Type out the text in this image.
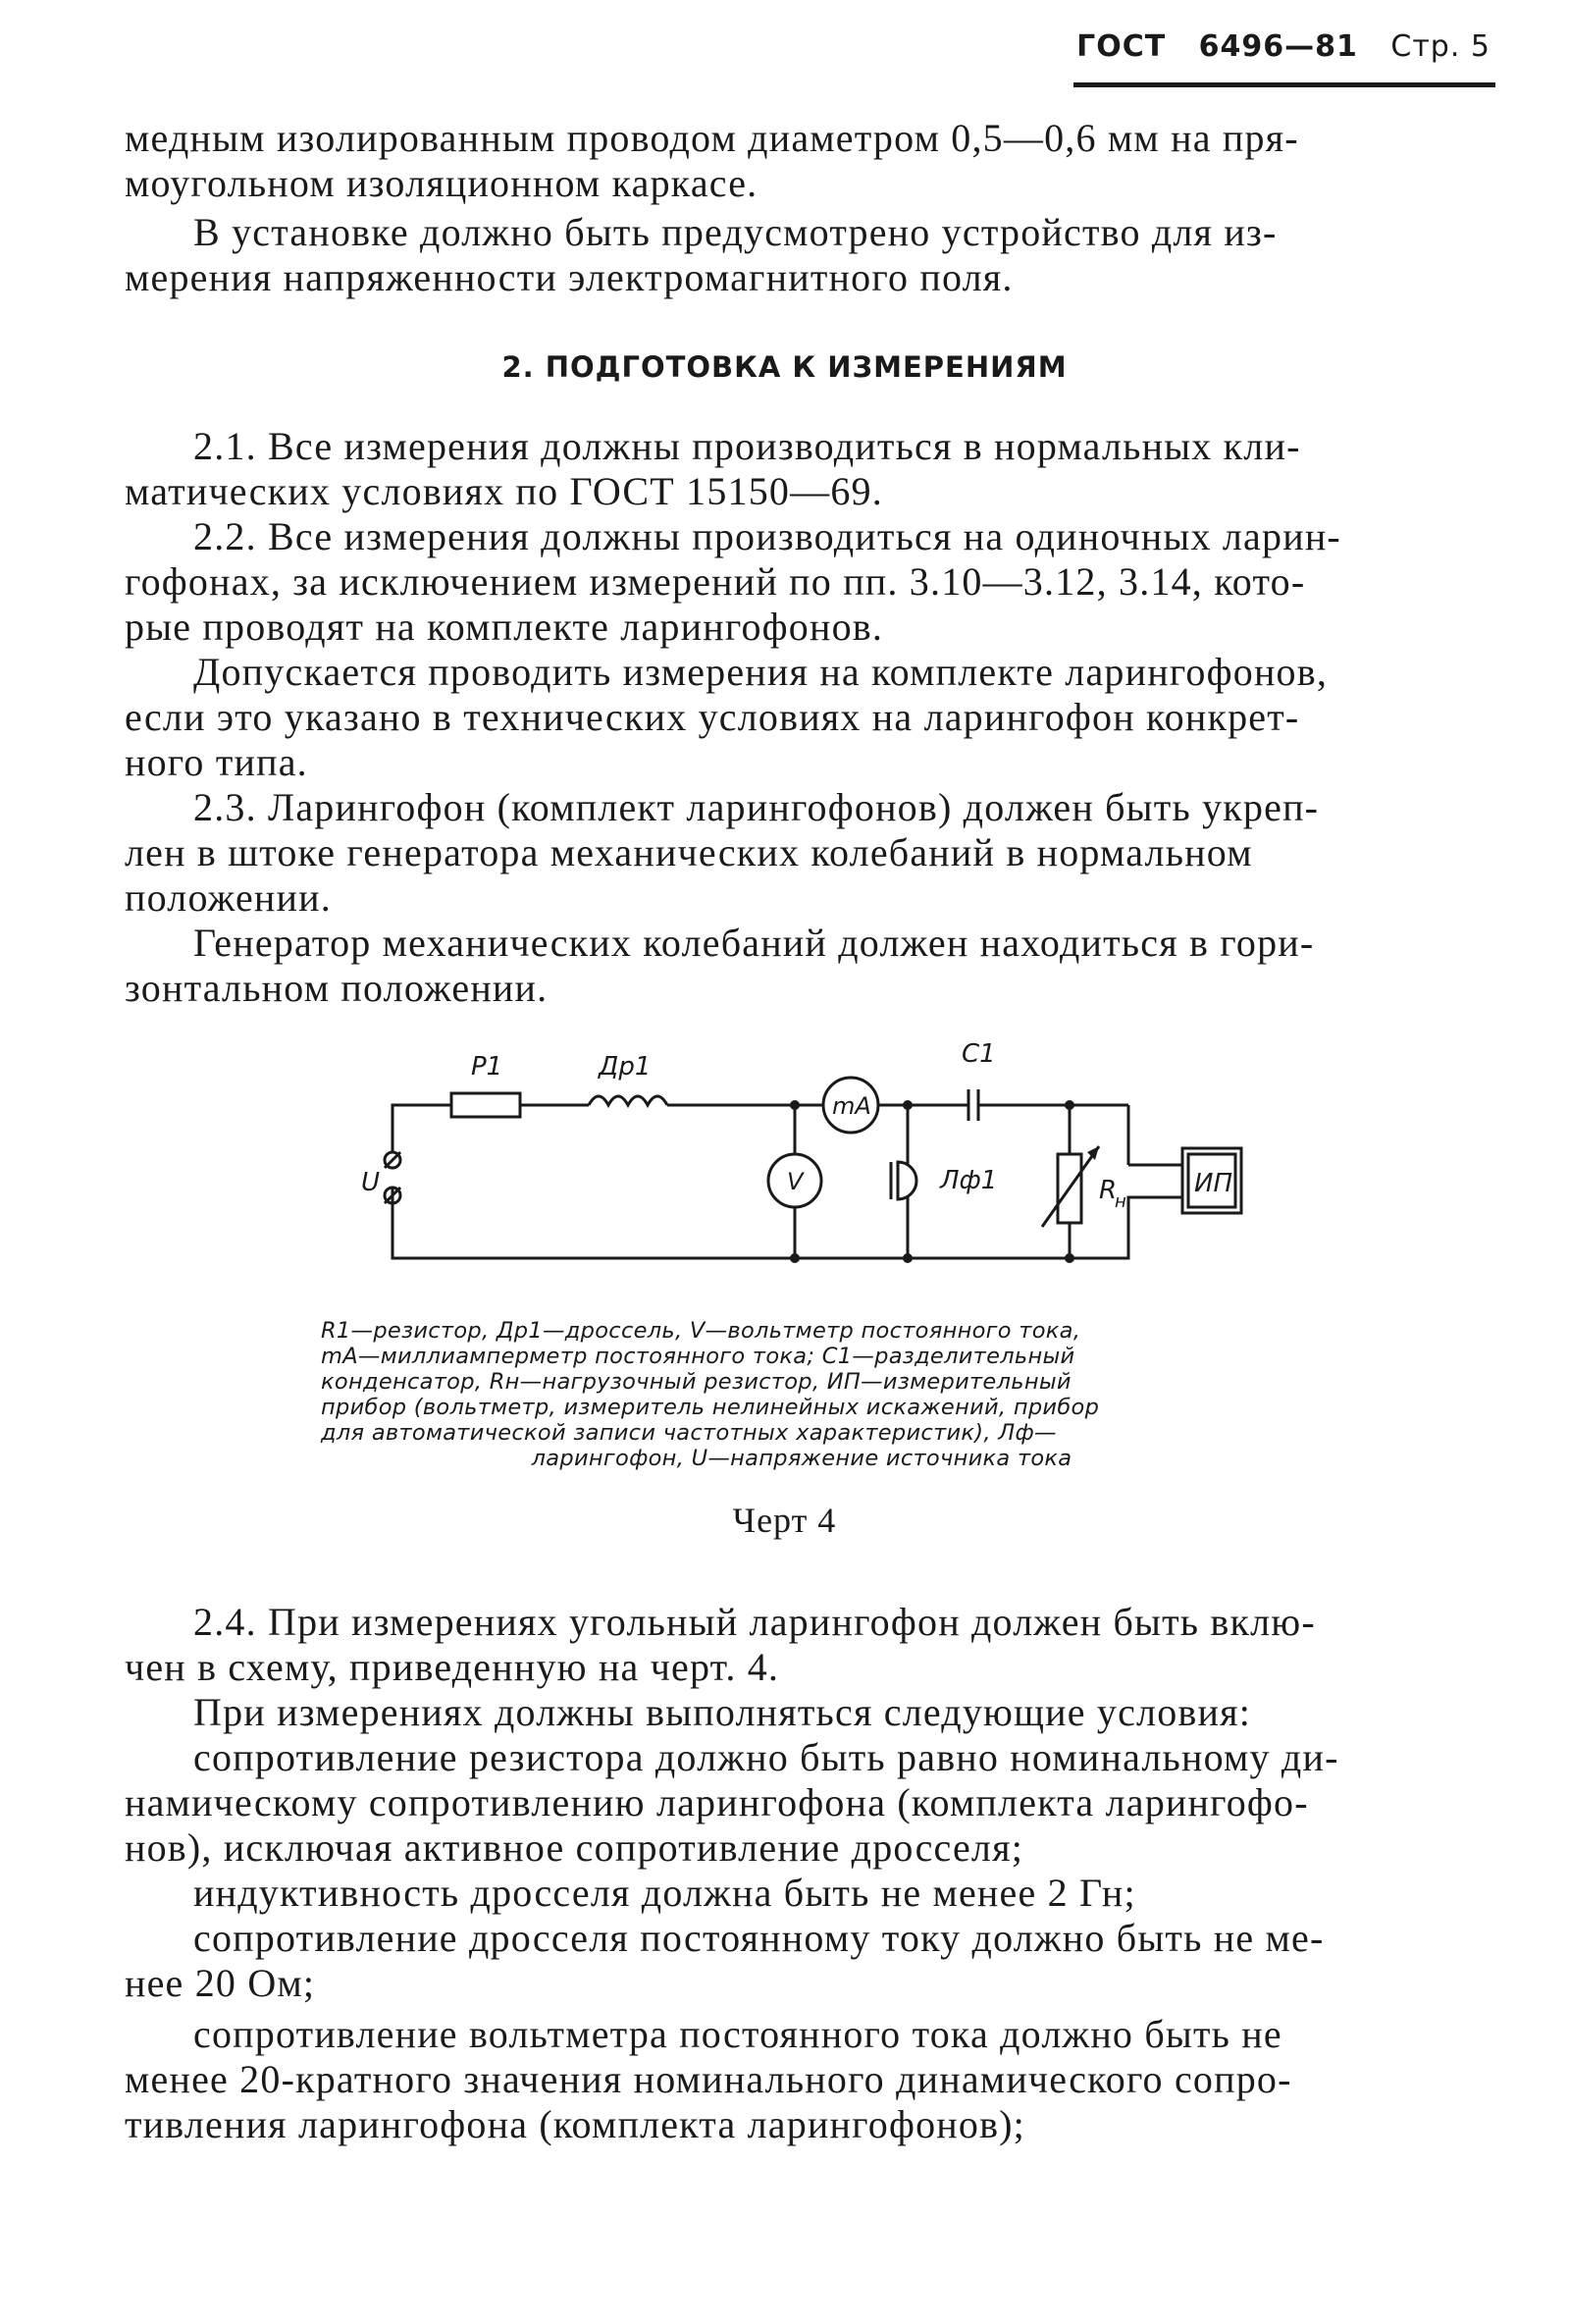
ГОСТ 6496—81 Стр. 5

медным изолированным проводом диаметром 0,5—0,6 мм на пря-

моугольном изоляционном каркасе.

В установке должно быть предусмотрено устройство для из-

мерения напряженности электромагнитного поля.

2. ПОДГОТОВКА К ИЗМЕРЕНИЯМ

2.1. Все измерения должны производиться в нормальных кли-

матических условиях по ГОСТ 15150—69.

2.2. Все измерения должны производиться на одиночных ларин-

гофонах, за исключением измерений по пп. 3.10—3.12, 3.14, кото-

рые проводят на комплекте ларингофонов.

Допускается проводить измерения на комплекте ларингофонов,

если это указано в технических условиях на ларингофон конкрет-

ного типа.

2.3. Ларингофон (комплект ларингофонов) должен быть укреп-

лен в штоке генератора механических колебаний в нормальном

положении.

Генератор механических колебаний должен находиться в гори-

зонтальном положении.

Р1	Др1	С1
mA
V
U	Лф1	R
н
ИП

R1—резистор, Др1—дроссель, V—вольтметр постоянного тока,

mA—миллиамперметр постоянного тока; С1—разделительный

конденсатор, Rн—нагрузочный резистор, ИП—измерительный

прибор (вольтметр, измеритель нелинейных искажений, прибор

для автоматической записи частотных характеристик), Лф—

ларингофон, U—напряжение источника тока

Черт 4

2.4. При измерениях угольный ларингофон должен быть вклю-

чен в схему, приведенную на черт. 4.

При измерениях должны выполняться следующие условия:

сопротивление резистора должно быть равно номинальному ди-

намическому сопротивлению ларингофона (комплекта ларингофо-

нов), исключая активное сопротивление дросселя;

индуктивность дросселя должна быть не менее 2 Гн;

сопротивление дросселя постоянному току должно быть не ме-

нее 20 Ом;

сопротивление вольтметра постоянного тока должно быть не

менее 20-кратного значения номинального динамического сопро-

тивления ларингофона (комплекта ларингофонов);
